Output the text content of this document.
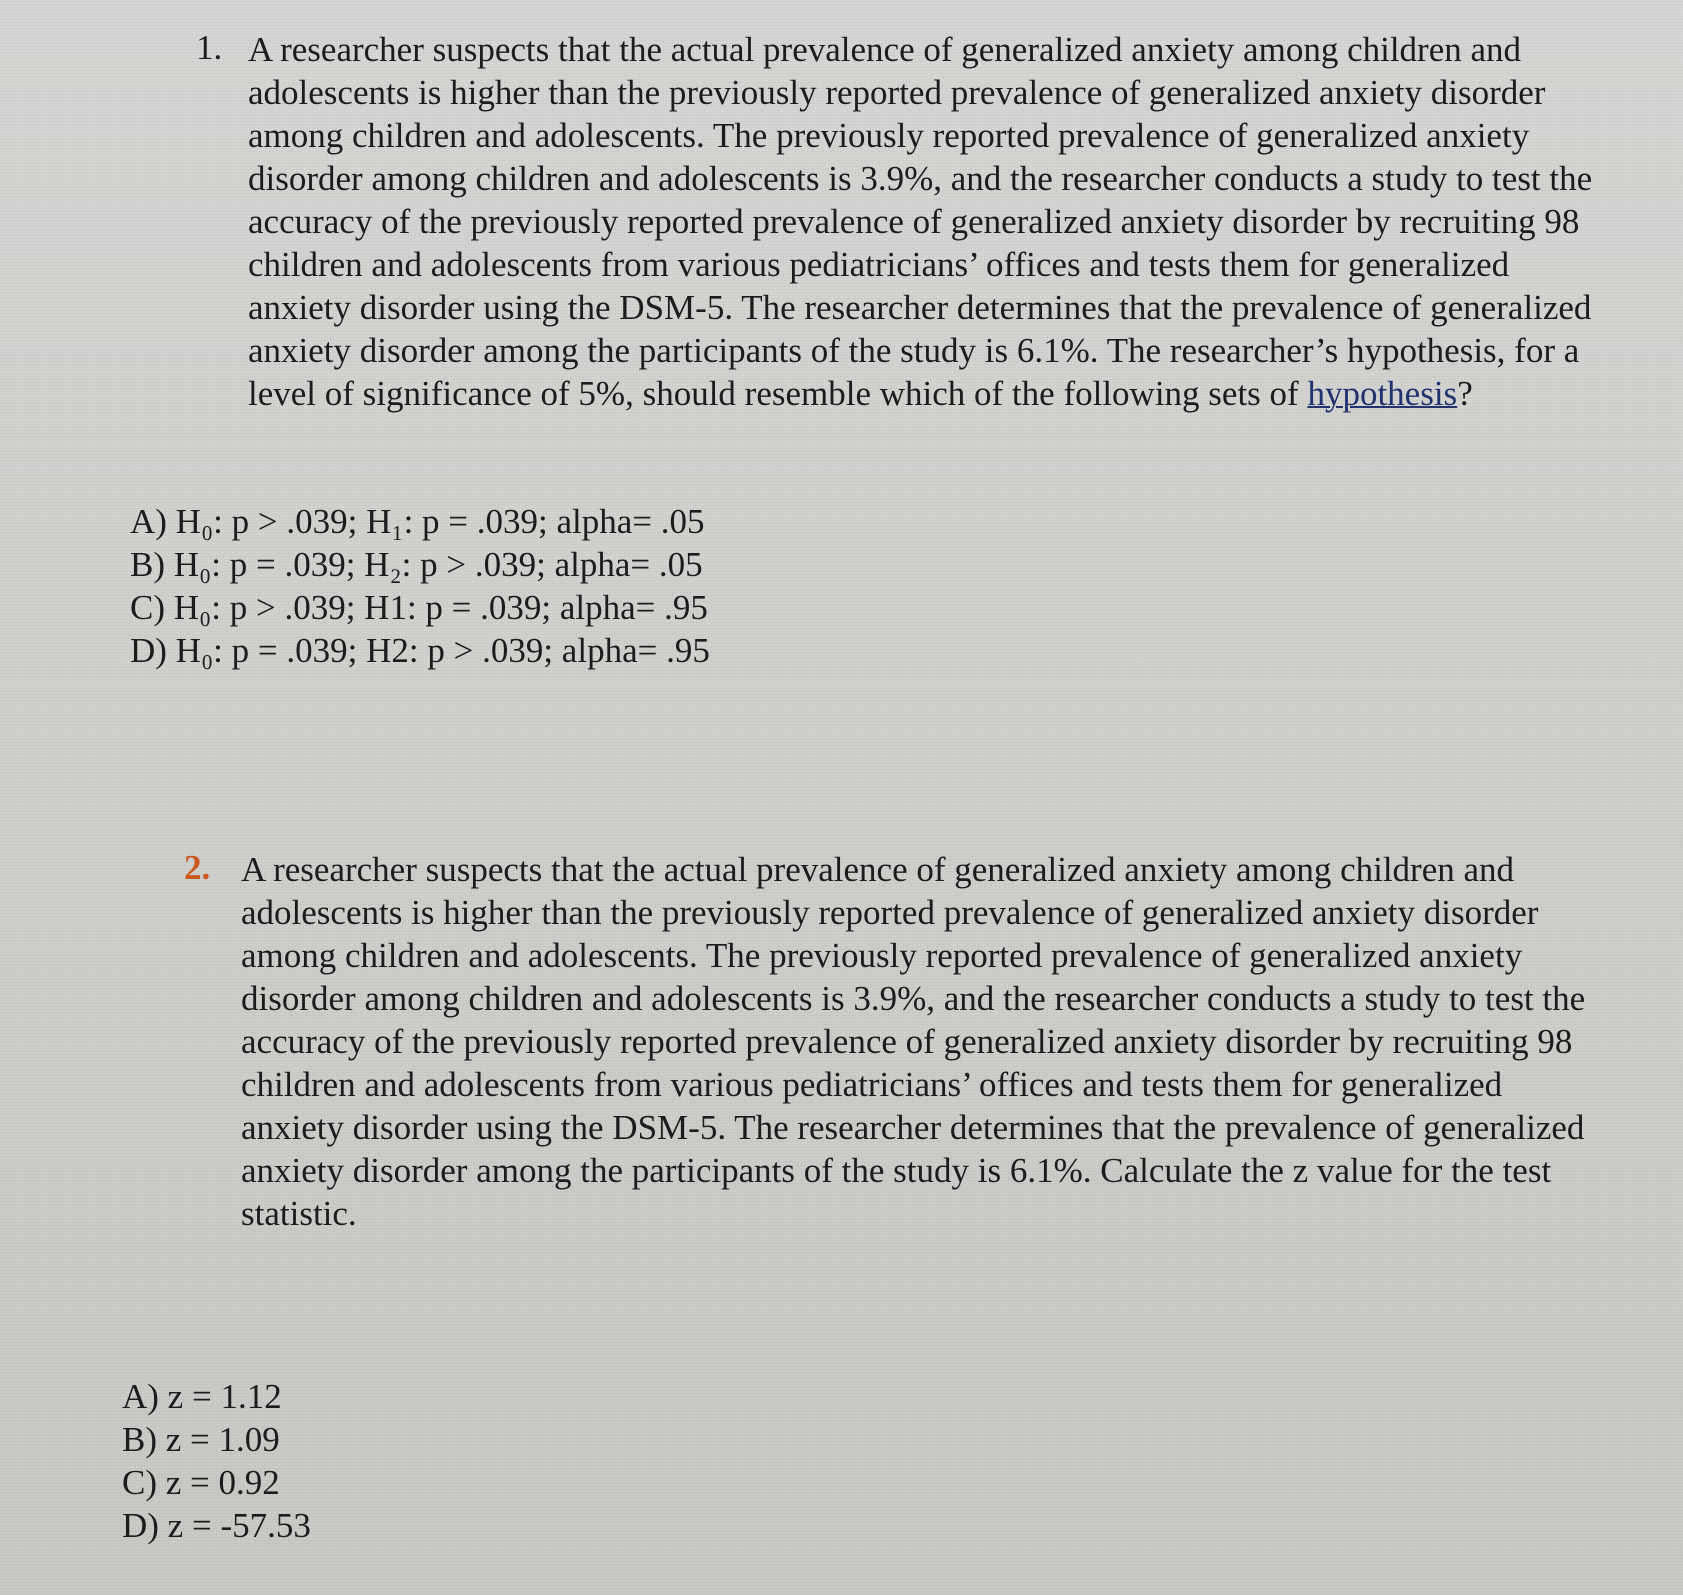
1. A researcher suspects that the actual prevalence of generalized anxiety among children and adolescents is higher than the previously reported prevalence of generalized anxiety disorder among children and adolescents. The previously reported prevalence of generalized anxiety disorder among children and adolescents is 3.9%, and the researcher conducts a study to test the accuracy of the previously reported prevalence of generalized anxiety disorder by recruiting 98 children and adolescents from various pediatricians’ offices and tests them for generalized anxiety disorder using the DSM-5. The researcher determines that the prevalence of generalized anxiety disorder among the participants of the study is 6.1%. The researcher’s hypothesis, for a level of significance of 5%, should resemble which of the following sets of hypothesis?
A) H₀: p > .039; H₁: p = .039; alpha= .05
B) H₀: p = .039; H₂: p > .039; alpha= .05
C) H₀: p > .039; H1: p = .039; alpha= .95
D) H₀: p = .039; H2: p > .039; alpha= .95
2. A researcher suspects that the actual prevalence of generalized anxiety among children and adolescents is higher than the previously reported prevalence of generalized anxiety disorder among children and adolescents. The previously reported prevalence of generalized anxiety disorder among children and adolescents is 3.9%, and the researcher conducts a study to test the accuracy of the previously reported prevalence of generalized anxiety disorder by recruiting 98 children and adolescents from various pediatricians’ offices and tests them for generalized anxiety disorder using the DSM-5. The researcher determines that the prevalence of generalized anxiety disorder among the participants of the study is 6.1%. Calculate the z value for the test statistic.
A) z = 1.12
B) z = 1.09
C) z = 0.92
D) z = -57.53
